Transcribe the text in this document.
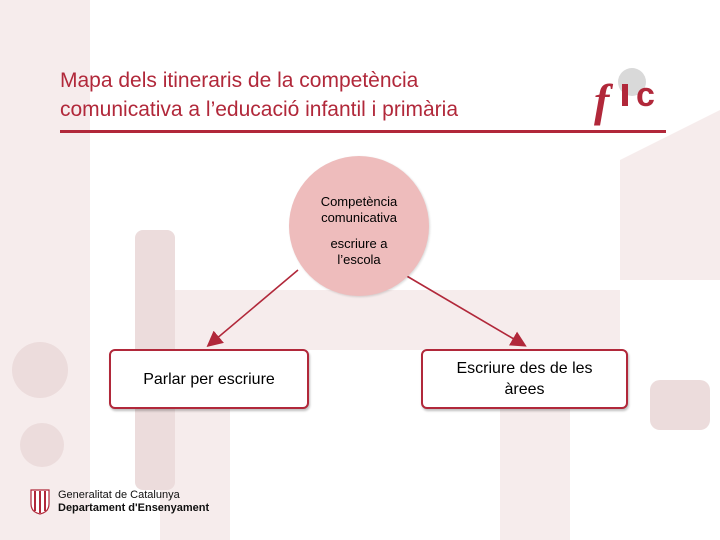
Mapa dels itineraris de la competència
comunicativa a l’educació infantil i primària	f c
Competència
comunicativa
escriure a
l’escola
Parlar per escriure
Escriure des de les
àrees
Generalitat de Catalunya
Departament d'Ensenyament
